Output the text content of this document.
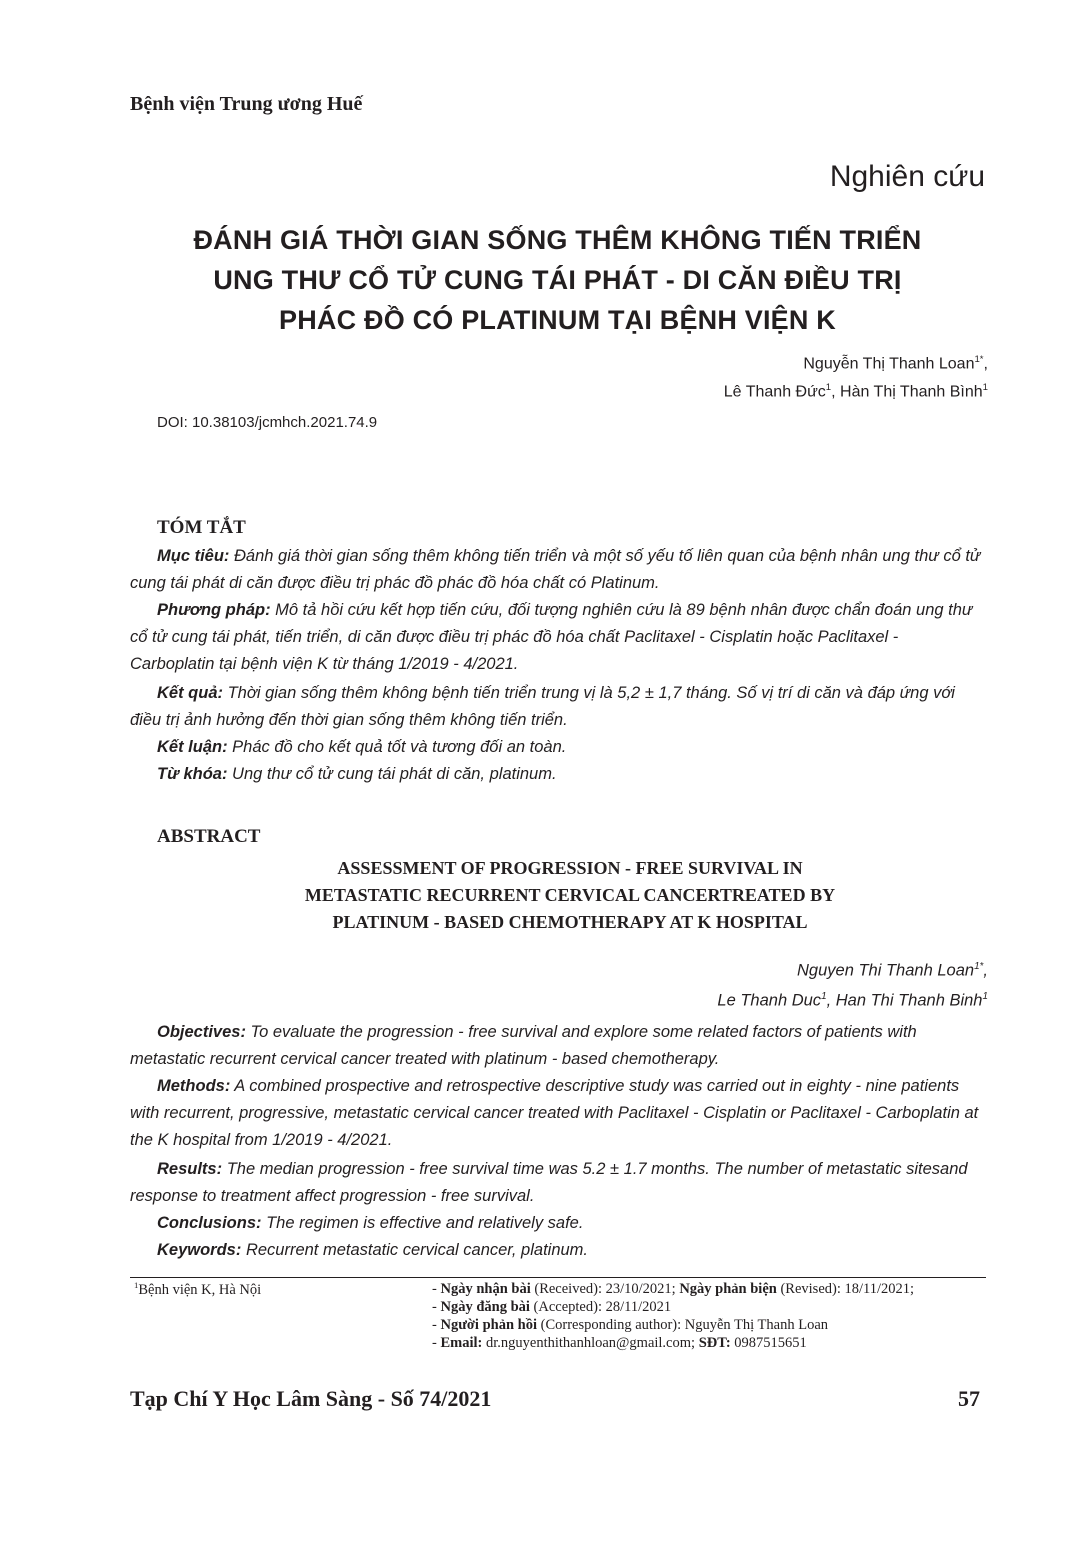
Bệnh viện Trung ương Huế
Nghiên cứu
ĐÁNH GIÁ THỜI GIAN SỐNG THÊM KHÔNG TIẾN TRIỂN
UNG THƯ CỔ TỬ CUNG TÁI PHÁT - DI CĂN ĐIỀU TRỊ
PHÁC ĐỒ CÓ PLATINUM TẠI BỆNH VIỆN K
Nguyễn Thị Thanh Loan$^{1*}$,
Lê Thanh Đức$^1$, Hàn Thị Thanh Bình$^1$
DOI: 10.38103/jcmhch.2021.74.9
TÓM TẮT
Mục tiêu: Đánh giá thời gian sống thêm không tiến triển và một số yếu tố liên quan của bệnh nhân ung thư cổ tử cung tái phát di căn được điều trị phác đồ phác đồ hóa chất có Platinum.
Phương pháp: Mô tả hồi cứu kết hợp tiến cứu, đối tượng nghiên cứu là 89 bệnh nhân được chẩn đoán ung thư cổ tử cung tái phát, tiến triển, di căn được điều trị phác đồ hóa chất Paclitaxel - Cisplatin hoặc Paclitaxel - Carboplatin tại bệnh viện K từ tháng 1/2019 - 4/2021.
Kết quả: Thời gian sống thêm không bệnh tiến triển trung vị là 5,2 ± 1,7 tháng. Số vị trí di căn và đáp ứng với điều trị ảnh hưởng đến thời gian sống thêm không tiến triển.
Kết luận: Phác đồ cho kết quả tốt và tương đối an toàn.
Từ khóa: Ung thư cổ tử cung tái phát di căn, platinum.
ABSTRACT
ASSESSMENT OF PROGRESSION - FREE SURVIVAL IN
METASTATIC RECURRENT CERVICAL CANCERTREATED BY
PLATINUM - BASED CHEMOTHERAPY AT K HOSPITAL
Nguyen Thi Thanh Loan$^{1*}$,
Le Thanh Duc$^1$, Han Thi Thanh Binh$^1$
Objectives: To evaluate the progression - free survival and explore some related factors of patients with metastatic recurrent cervical cancer treated with platinum - based chemotherapy.
Methods: A combined prospective and retrospective descriptive study was carried out in eighty - nine patients with recurrent, progressive, metastatic cervical cancer treated with Paclitaxel - Cisplatin or Paclitaxel - Carboplatin at the K hospital from 1/2019 - 4/2021.
Results: The median progression - free survival time was 5.2 ± 1.7 months. The number of metastatic sitesand response to treatment affect progression - free survival.
Conclusions: The regimen is effective and relatively safe.
Keywords: Recurrent metastatic cervical cancer, platinum.
$^1$Bệnh viện K, Hà Nội	- Ngày nhận bài (Received): 23/10/2021; Ngày phản biện (Revised): 18/11/2021;
- Ngày đăng bài (Accepted): 28/11/2021
- Người phản hồi (Corresponding author): Nguyễn Thị Thanh Loan
- Email: dr.nguyenthithanhloan@gmail.com; SĐT: 0987515651
Tạp Chí Y Học Lâm Sàng - Số 74/2021	57
